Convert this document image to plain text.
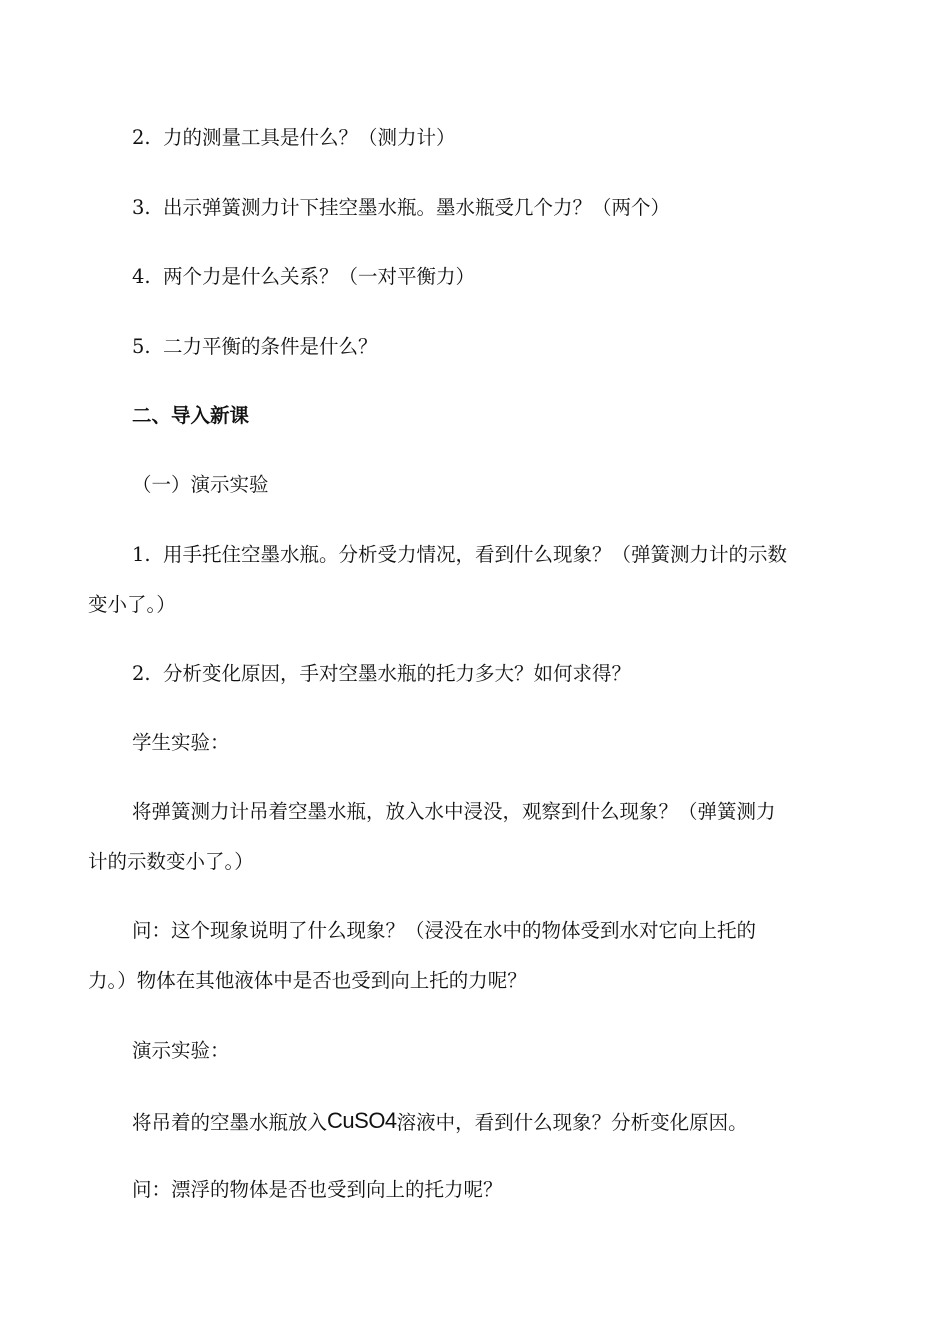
2. 力的测量工具是什么？（测力计）
3. 出示弹簧测力计下挂空墨水瓶。墨水瓶受几个力？（两个）
4. 两个力是什么关系？（一对平衡力）
5. 二力平衡的条件是什么？
二、导入新课
（一）演示实验
1. 用手托住空墨水瓶。分析受力情况，看到什么现象？（弹簧测力计的示数
变小了。）
2. 分析变化原因，手对空墨水瓶的托力多大？如何求得？
学生实验：
将弹簧测力计吊着空墨水瓶，放入水中浸没，观察到什么现象？（弹簧测力
计的示数变小了。）
问：这个现象说明了什么现象？（浸没在水中的物体受到水对它向上托的
力。）物体在其他液体中是否也受到向上托的力呢？
演示实验：
将吊着的空墨水瓶放入CuSO4溶液中，看到什么现象？分析变化原因。
问：漂浮的物体是否也受到向上的托力呢？
